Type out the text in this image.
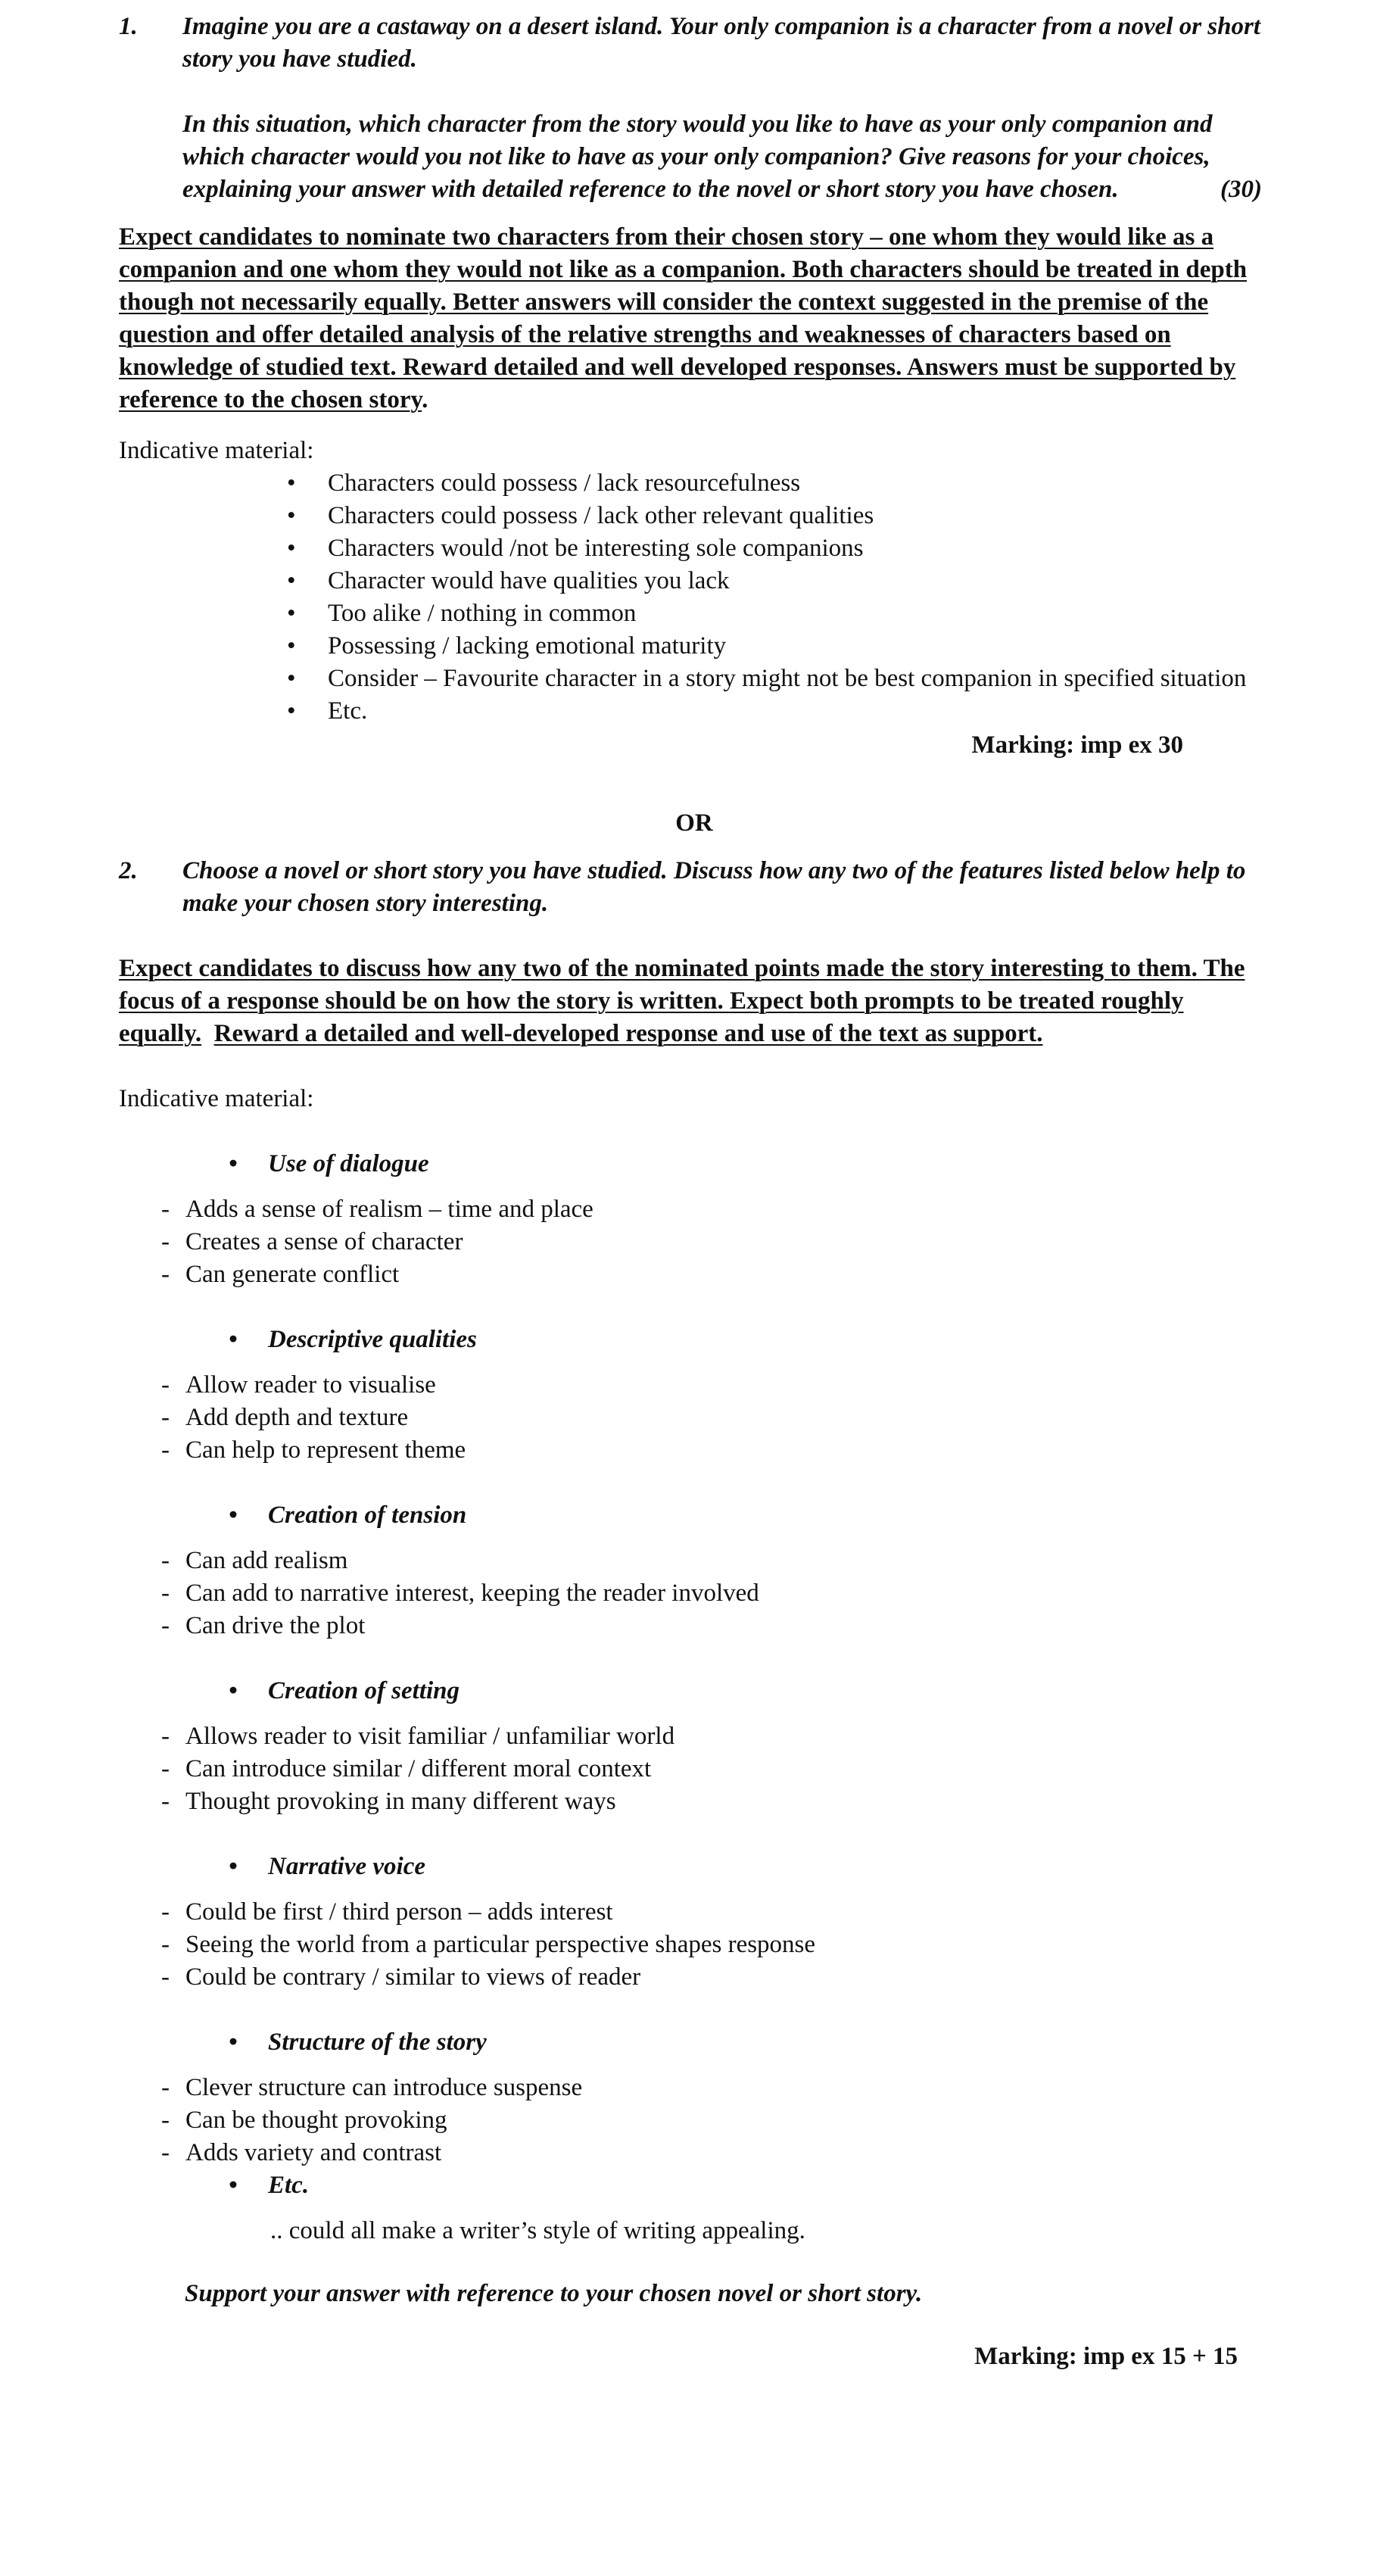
1.	Imagine you are a castaway on a desert island. Your only companion is a character from a novel or short story you have studied.

In this situation, which character from the story would you like to have as your only companion and which character would you not like to have as your only companion? Give reasons for your choices, explaining your answer with detailed reference to the novel or short story you have chosen.	(30)

Expect candidates to nominate two characters from their chosen story – one whom they would like as a companion and one whom they would not like as a companion. Both characters should be treated in depth though not necessarily equally. Better answers will consider the context suggested in the premise of the question and offer detailed analysis of the relative strengths and weaknesses of characters based on knowledge of studied text. Reward detailed and well developed responses. Answers must be supported by reference to the chosen story.

Indicative material:
• Characters could possess / lack resourcefulness
• Characters could possess / lack other relevant qualities
• Characters would /not be interesting sole companions
• Character would have qualities you lack
• Too alike / nothing in common
• Possessing / lacking emotional maturity
• Consider – Favourite character in a story might not be best companion in specified situation
• Etc.
Marking: imp ex 30
OR
2.	Choose a novel or short story you have studied. Discuss how any two of the features listed below help to make your chosen story interesting.

Expect candidates to discuss how any two of the nominated points made the story interesting to them. The focus of a response should be on how the story is written. Expect both prompts to be treated roughly equally. Reward a detailed and well-developed response and use of the text as support.

Indicative material:
• Use of dialogue
- Adds a sense of realism – time and place
- Creates a sense of character
- Can generate conflict
• Descriptive qualities
- Allow reader to visualise
- Add depth and texture
- Can help to represent theme
• Creation of tension
- Can add realism
- Can add to narrative interest, keeping the reader involved
- Can drive the plot
• Creation of setting
- Allows reader to visit familiar / unfamiliar world
- Can introduce similar / different moral context
- Thought provoking in many different ways
• Narrative voice
- Could be first / third person – adds interest
- Seeing the world from a particular perspective shapes response
- Could be contrary / similar to views of reader
• Structure of the story
- Clever structure can introduce suspense
- Can be thought provoking
- Adds variety and contrast
• Etc.
.. could all make a writer’s style of writing appealing.
Support your answer with reference to your chosen novel or short story.
Marking: imp ex 15 + 15
